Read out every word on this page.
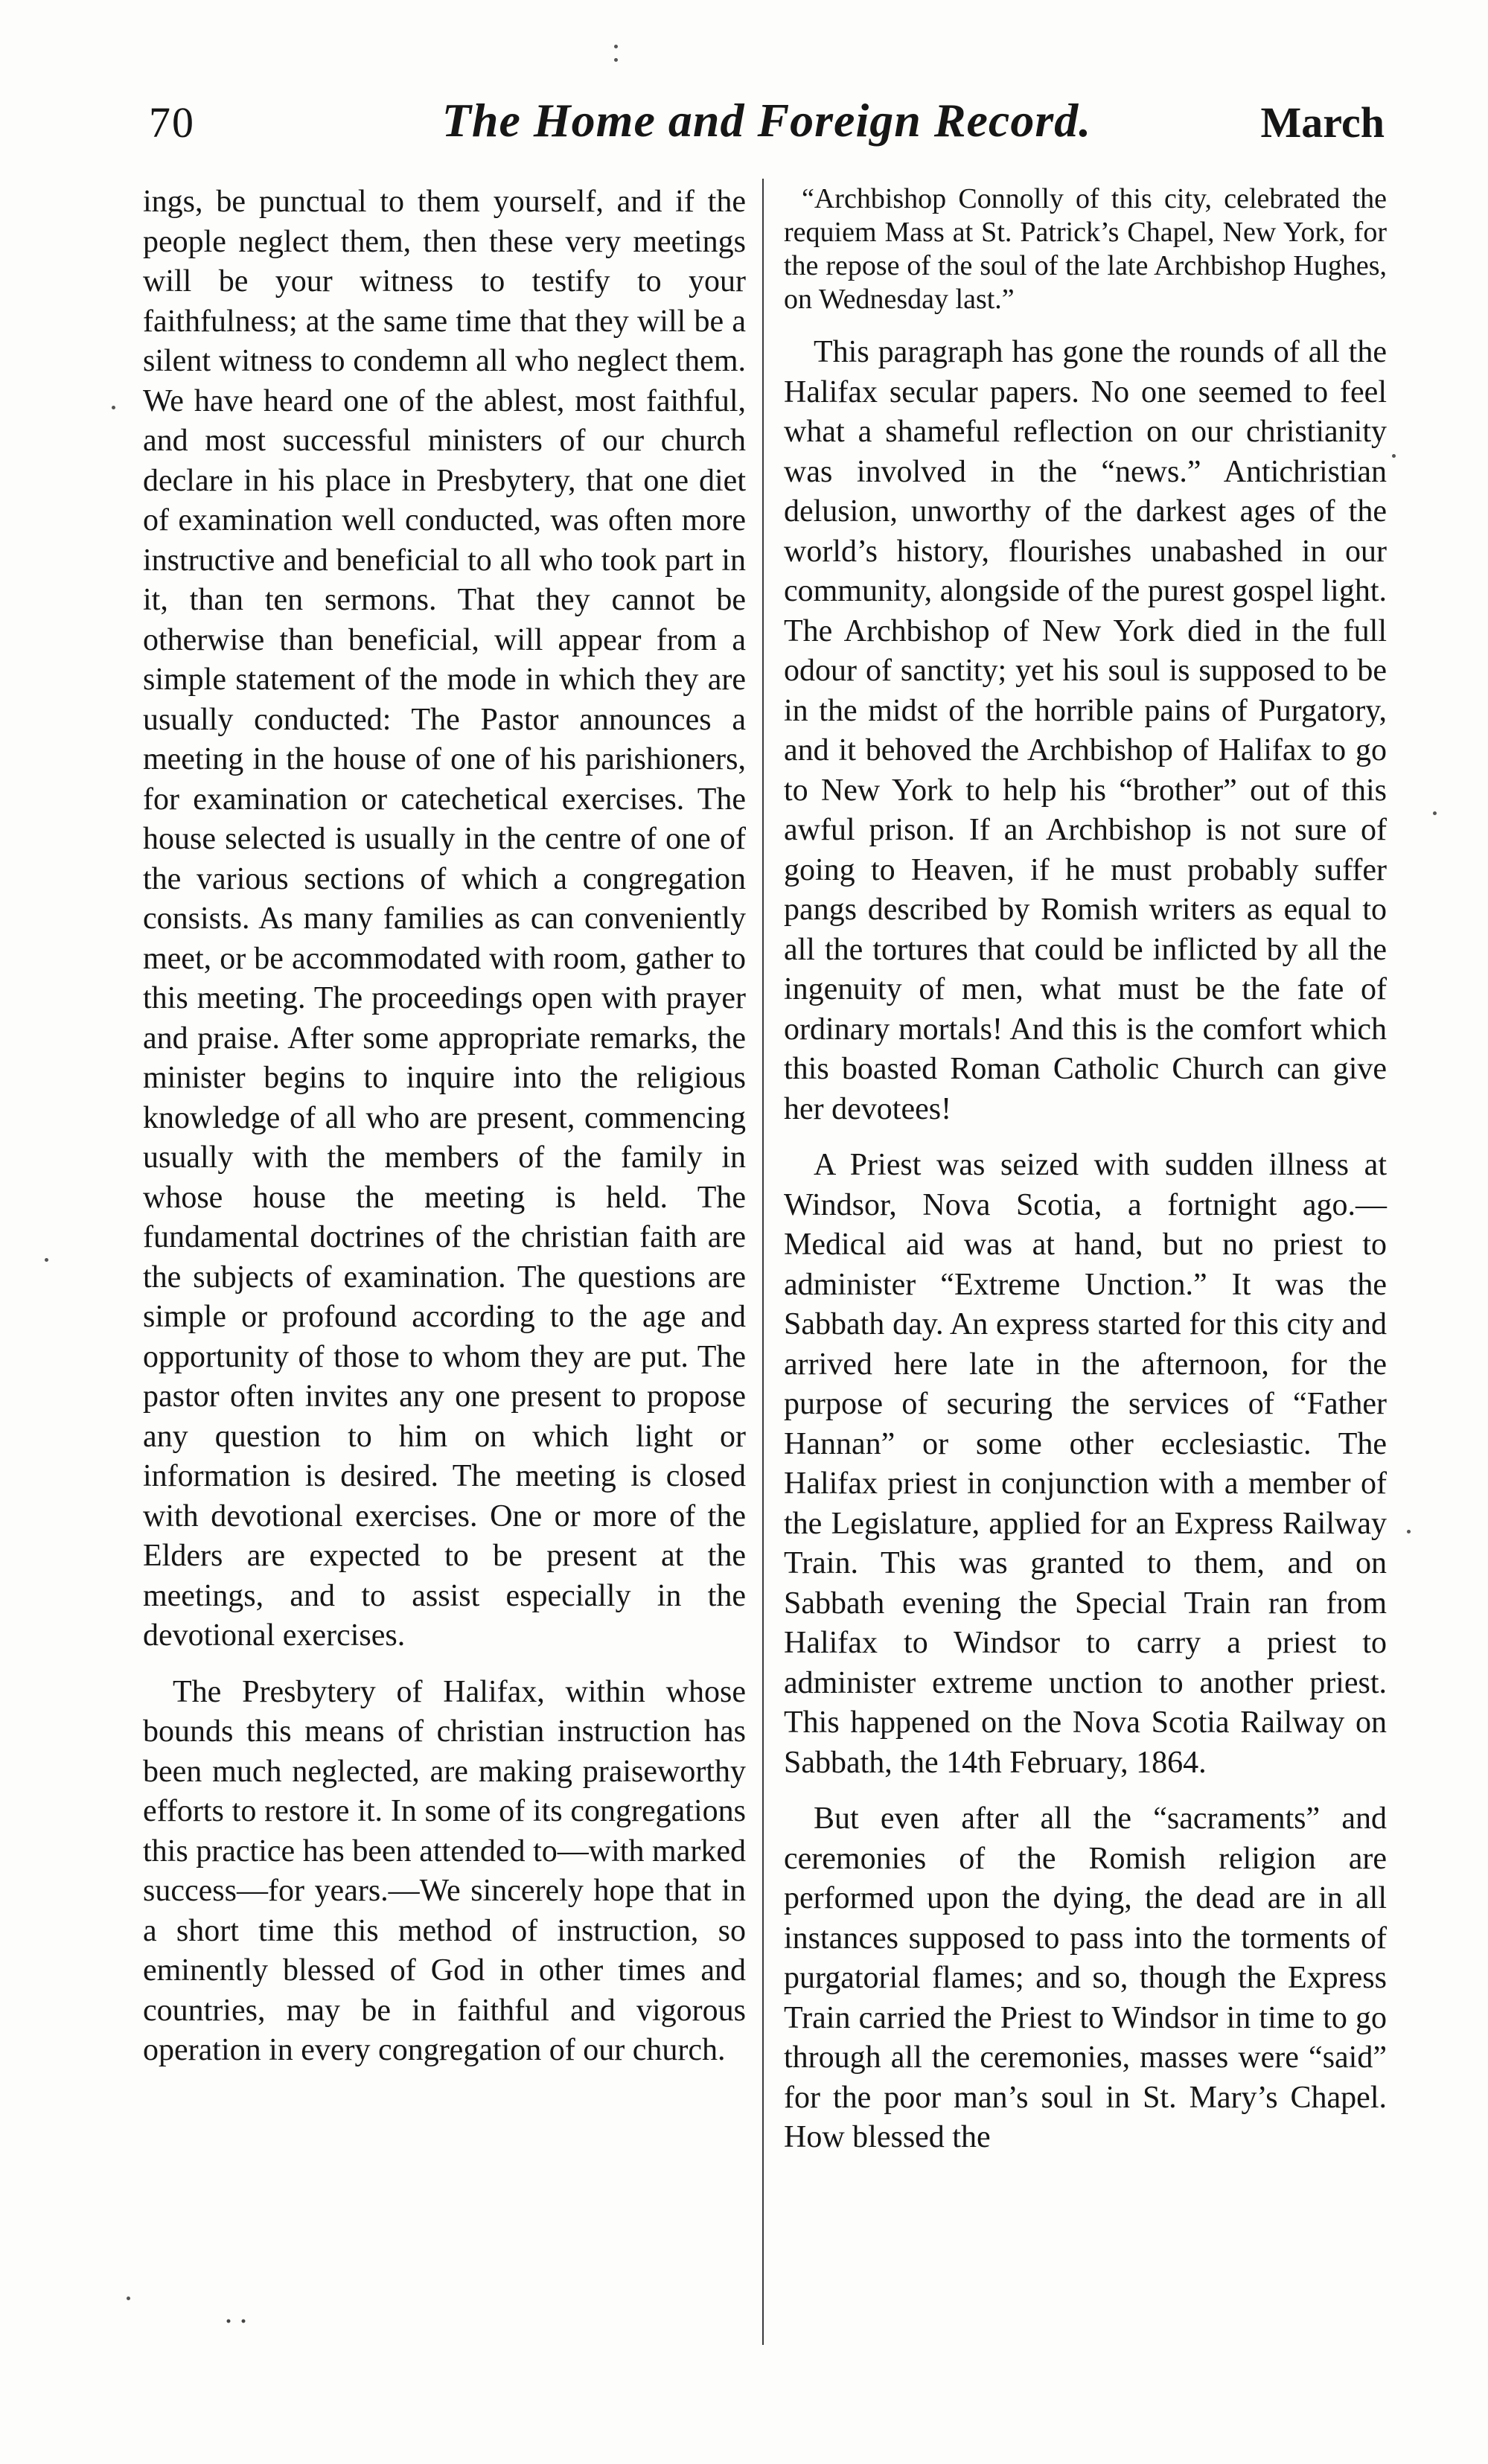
70	The Home and Foreign Record.	March

ings, be punctual to them yourself, and if the people neglect them, then these very meetings will be your witness to testify to your faithfulness; at the same time that they will be a silent witness to condemn all who neglect them. We have heard one of the ablest, most faithful, and most successful ministers of our church declare in his place in Presbytery, that one diet of examination well conducted, was often more instructive and beneficial to all who took part in it, than ten sermons. That they cannot be otherwise than beneficial, will appear from a simple statement of the mode in which they are usually conducted: The Pastor announces a meeting in the house of one of his parishioners, for examination or catechetical exercises. The house selected is usually in the centre of one of the various sections of which a congregation consists. As many families as can conveniently meet, or be accommodated with room, gather to this meeting. The proceedings open with prayer and praise. After some appropriate remarks, the minister begins to inquire into the religious knowledge of all who are present, commencing usually with the members of the family in whose house the meeting is held. The fundamental doctrines of the christian faith are the subjects of examination. The questions are simple or profound according to the age and opportunity of those to whom they are put. The pastor often invites any one present to propose any question to him on which light or information is desired. The meeting is closed with devotional exercises. One or more of the Elders are expected to be present at the meetings, and to assist especially in the devotional exercises.

The Presbytery of Halifax, within whose bounds this means of christian instruction has been much neglected, are making praiseworthy efforts to restore it. In some of its congregations this practice has been attended to—with marked success—for years.—We sincerely hope that in a short time this method of instruction, so eminently blessed of God in other times and countries, may be in faithful and vigorous operation in every congregation of our church.

“Archbishop Connolly of this city, celebrated the requiem Mass at St. Patrick’s Chapel, New York, for the repose of the soul of the late Archbishop Hughes, on Wednesday last.”

This paragraph has gone the rounds of all the Halifax secular papers. No one seemed to feel what a shameful reflection on our christianity was involved in the “news.” Antichristian delusion, unworthy of the darkest ages of the world’s history, flourishes unabashed in our community, alongside of the purest gospel light. The Archbishop of New York died in the full odour of sanctity; yet his soul is supposed to be in the midst of the horrible pains of Purgatory, and it behoved the Archbishop of Halifax to go to New York to help his “brother” out of this awful prison. If an Archbishop is not sure of going to Heaven, if he must probably suffer pangs described by Romish writers as equal to all the tortures that could be inflicted by all the ingenuity of men, what must be the fate of ordinary mortals! And this is the comfort which this boasted Roman Catholic Church can give her devotees!

A Priest was seized with sudden illness at Windsor, Nova Scotia, a fortnight ago.—Medical aid was at hand, but no priest to administer “Extreme Unction.” It was the Sabbath day. An express started for this city and arrived here late in the afternoon, for the purpose of securing the services of “Father Hannan” or some other ecclesiastic. The Halifax priest in conjunction with a member of the Legislature, applied for an Express Railway Train. This was granted to them, and on Sabbath evening the Special Train ran from Halifax to Windsor to carry a priest to administer extreme unction to another priest. This happened on the Nova Scotia Railway on Sabbath, the 14th February, 1864.

But even after all the “sacraments” and ceremonies of the Romish religion are performed upon the dying, the dead are in all instances supposed to pass into the torments of purgatorial flames; and so, though the Express Train carried the Priest to Windsor in time to go through all the ceremonies, masses were “said” for the poor man’s soul in St. Mary’s Chapel. How blessed the

··
